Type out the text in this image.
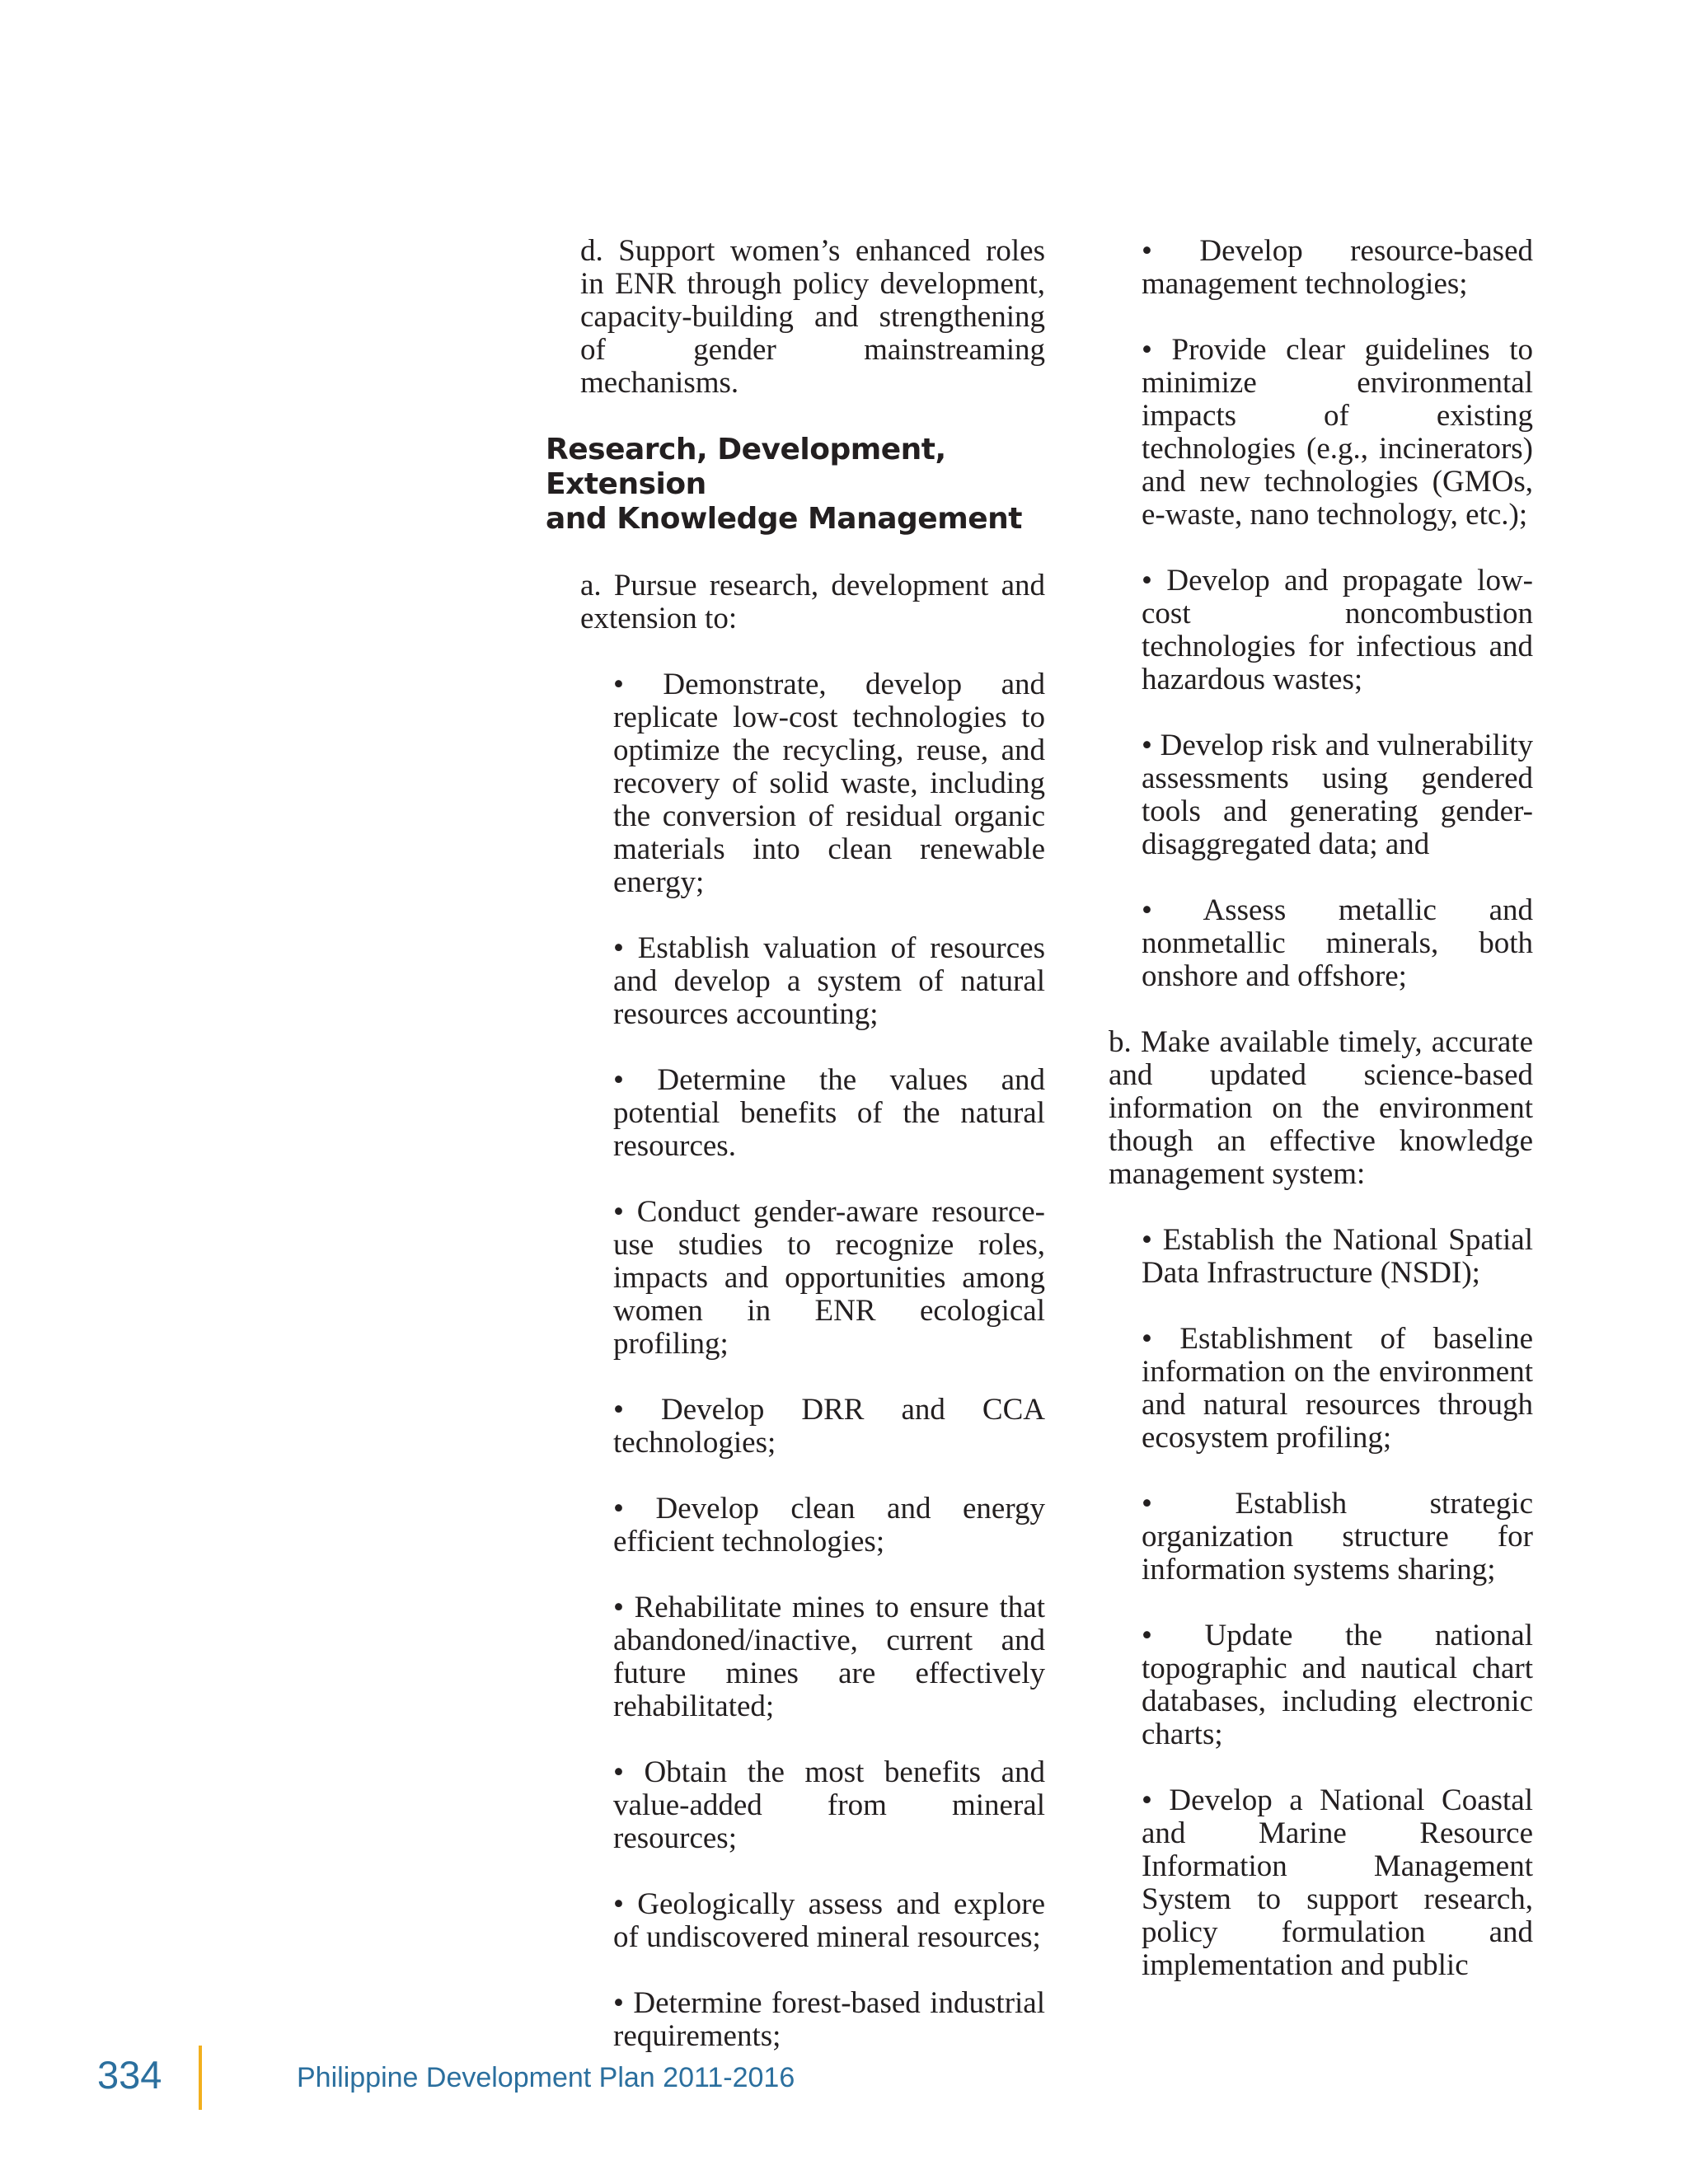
d. Support women’s enhanced roles in ENR through policy development, capacity-building and strengthening of gender mainstreaming mechanisms.

Research, Development, Extension
and Knowledge Management

a. Pursue research, development and extension to:

• Demonstrate, develop and replicate low-cost technologies to optimize the recycling, reuse, and recovery of solid waste, including the conversion of residual organic materials into clean renewable energy;

• Establish valuation of resources and develop a system of natural resources accounting;

• Determine the values and potential benefits of the natural resources.

• Conduct gender-aware resource-use studies to recognize roles, impacts and opportunities among women in ENR ecological profiling;

• Develop DRR and CCA technologies;

• Develop clean and energy efficient technologies;

• Rehabilitate mines to ensure that abandoned/inactive, current and future mines are effectively rehabilitated;

• Obtain the most benefits and value-added from mineral resources;

• Geologically assess and explore of undiscovered mineral resources;

• Determine forest-based industrial requirements;

• Develop resource-based management technologies;

• Provide clear guidelines to minimize environmental impacts of existing technologies (e.g., incinerators) and new technologies (GMOs, e-waste, nano technology, etc.);

• Develop and propagate low-cost noncombustion technologies for infectious and hazardous wastes;

• Develop risk and vulnerability assessments using gendered tools and generating gender-disaggregated data; and

• Assess metallic and nonmetallic minerals, both onshore and offshore;

b. Make available timely, accurate and updated science-based information on the environment though an effective knowledge management system:

• Establish the National Spatial Data Infrastructure (NSDI);

• Establishment of baseline information on the environment and natural resources through ecosystem profiling;

• Establish strategic organization structure for information systems sharing;

• Update the national topographic and nautical chart databases, including electronic charts;

• Develop a National Coastal and Marine Resource Information Management System to support research, policy formulation and implementation and public

334	Philippine Development Plan 2011-2016
